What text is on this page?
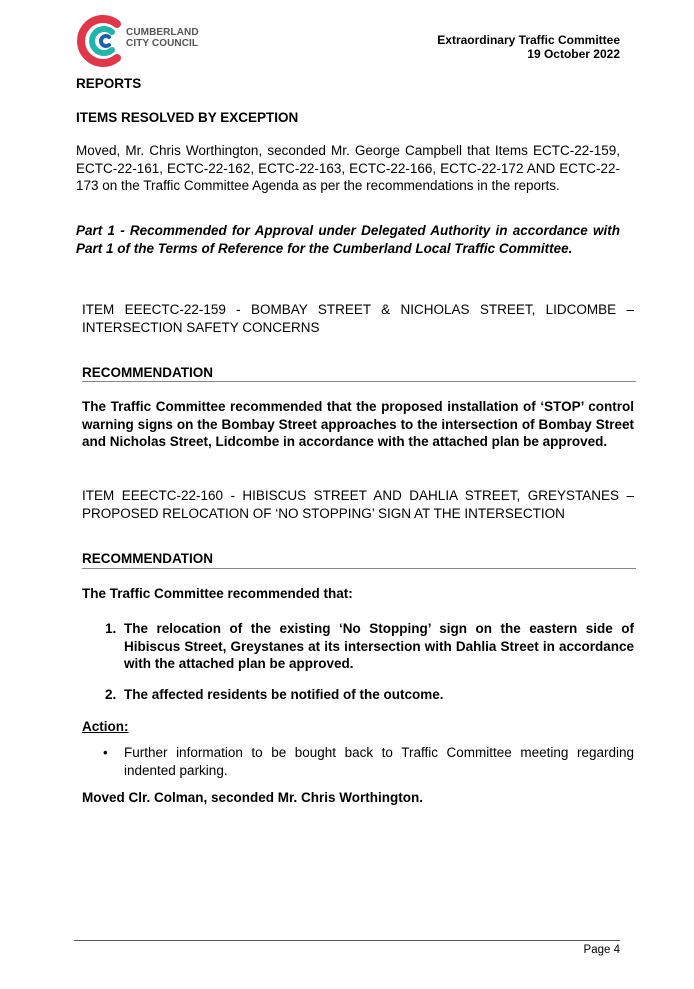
CUMBERLAND
CITY COUNCIL	Extraordinary Traffic Committee
19 October 2022
REPORTS
ITEMS RESOLVED BY EXCEPTION
Moved, Mr. Chris Worthington, seconded Mr. George Campbell that Items ECTC-22-159, ECTC-22-161, ECTC-22-162, ECTC-22-163, ECTC-22-166, ECTC-22-172 AND ECTC-22-173 on the Traffic Committee Agenda as per the recommendations in the reports.
Part 1 - Recommended for Approval under Delegated Authority in accordance with Part 1 of the Terms of Reference for the Cumberland Local Traffic Committee.
ITEM EEECTC-22-159 - BOMBAY STREET & NICHOLAS STREET, LIDCOMBE – INTERSECTION SAFETY CONCERNS
RECOMMENDATION
The Traffic Committee recommended that the proposed installation of ‘STOP’ control warning signs on the Bombay Street approaches to the intersection of Bombay Street and Nicholas Street, Lidcombe in accordance with the attached plan be approved.
ITEM EEECTC-22-160 - HIBISCUS STREET AND DAHLIA STREET, GREYSTANES – PROPOSED RELOCATION OF ‘NO STOPPING’ SIGN AT THE INTERSECTION
RECOMMENDATION
The Traffic Committee recommended that:
1. The relocation of the existing ‘No Stopping’ sign on the eastern side of Hibiscus Street, Greystanes at its intersection with Dahlia Street in accordance with the attached plan be approved.
2. The affected residents be notified of the outcome.
Action:
• Further information to be bought back to Traffic Committee meeting regarding indented parking.
Moved Clr. Colman, seconded Mr. Chris Worthington.
Page 4
